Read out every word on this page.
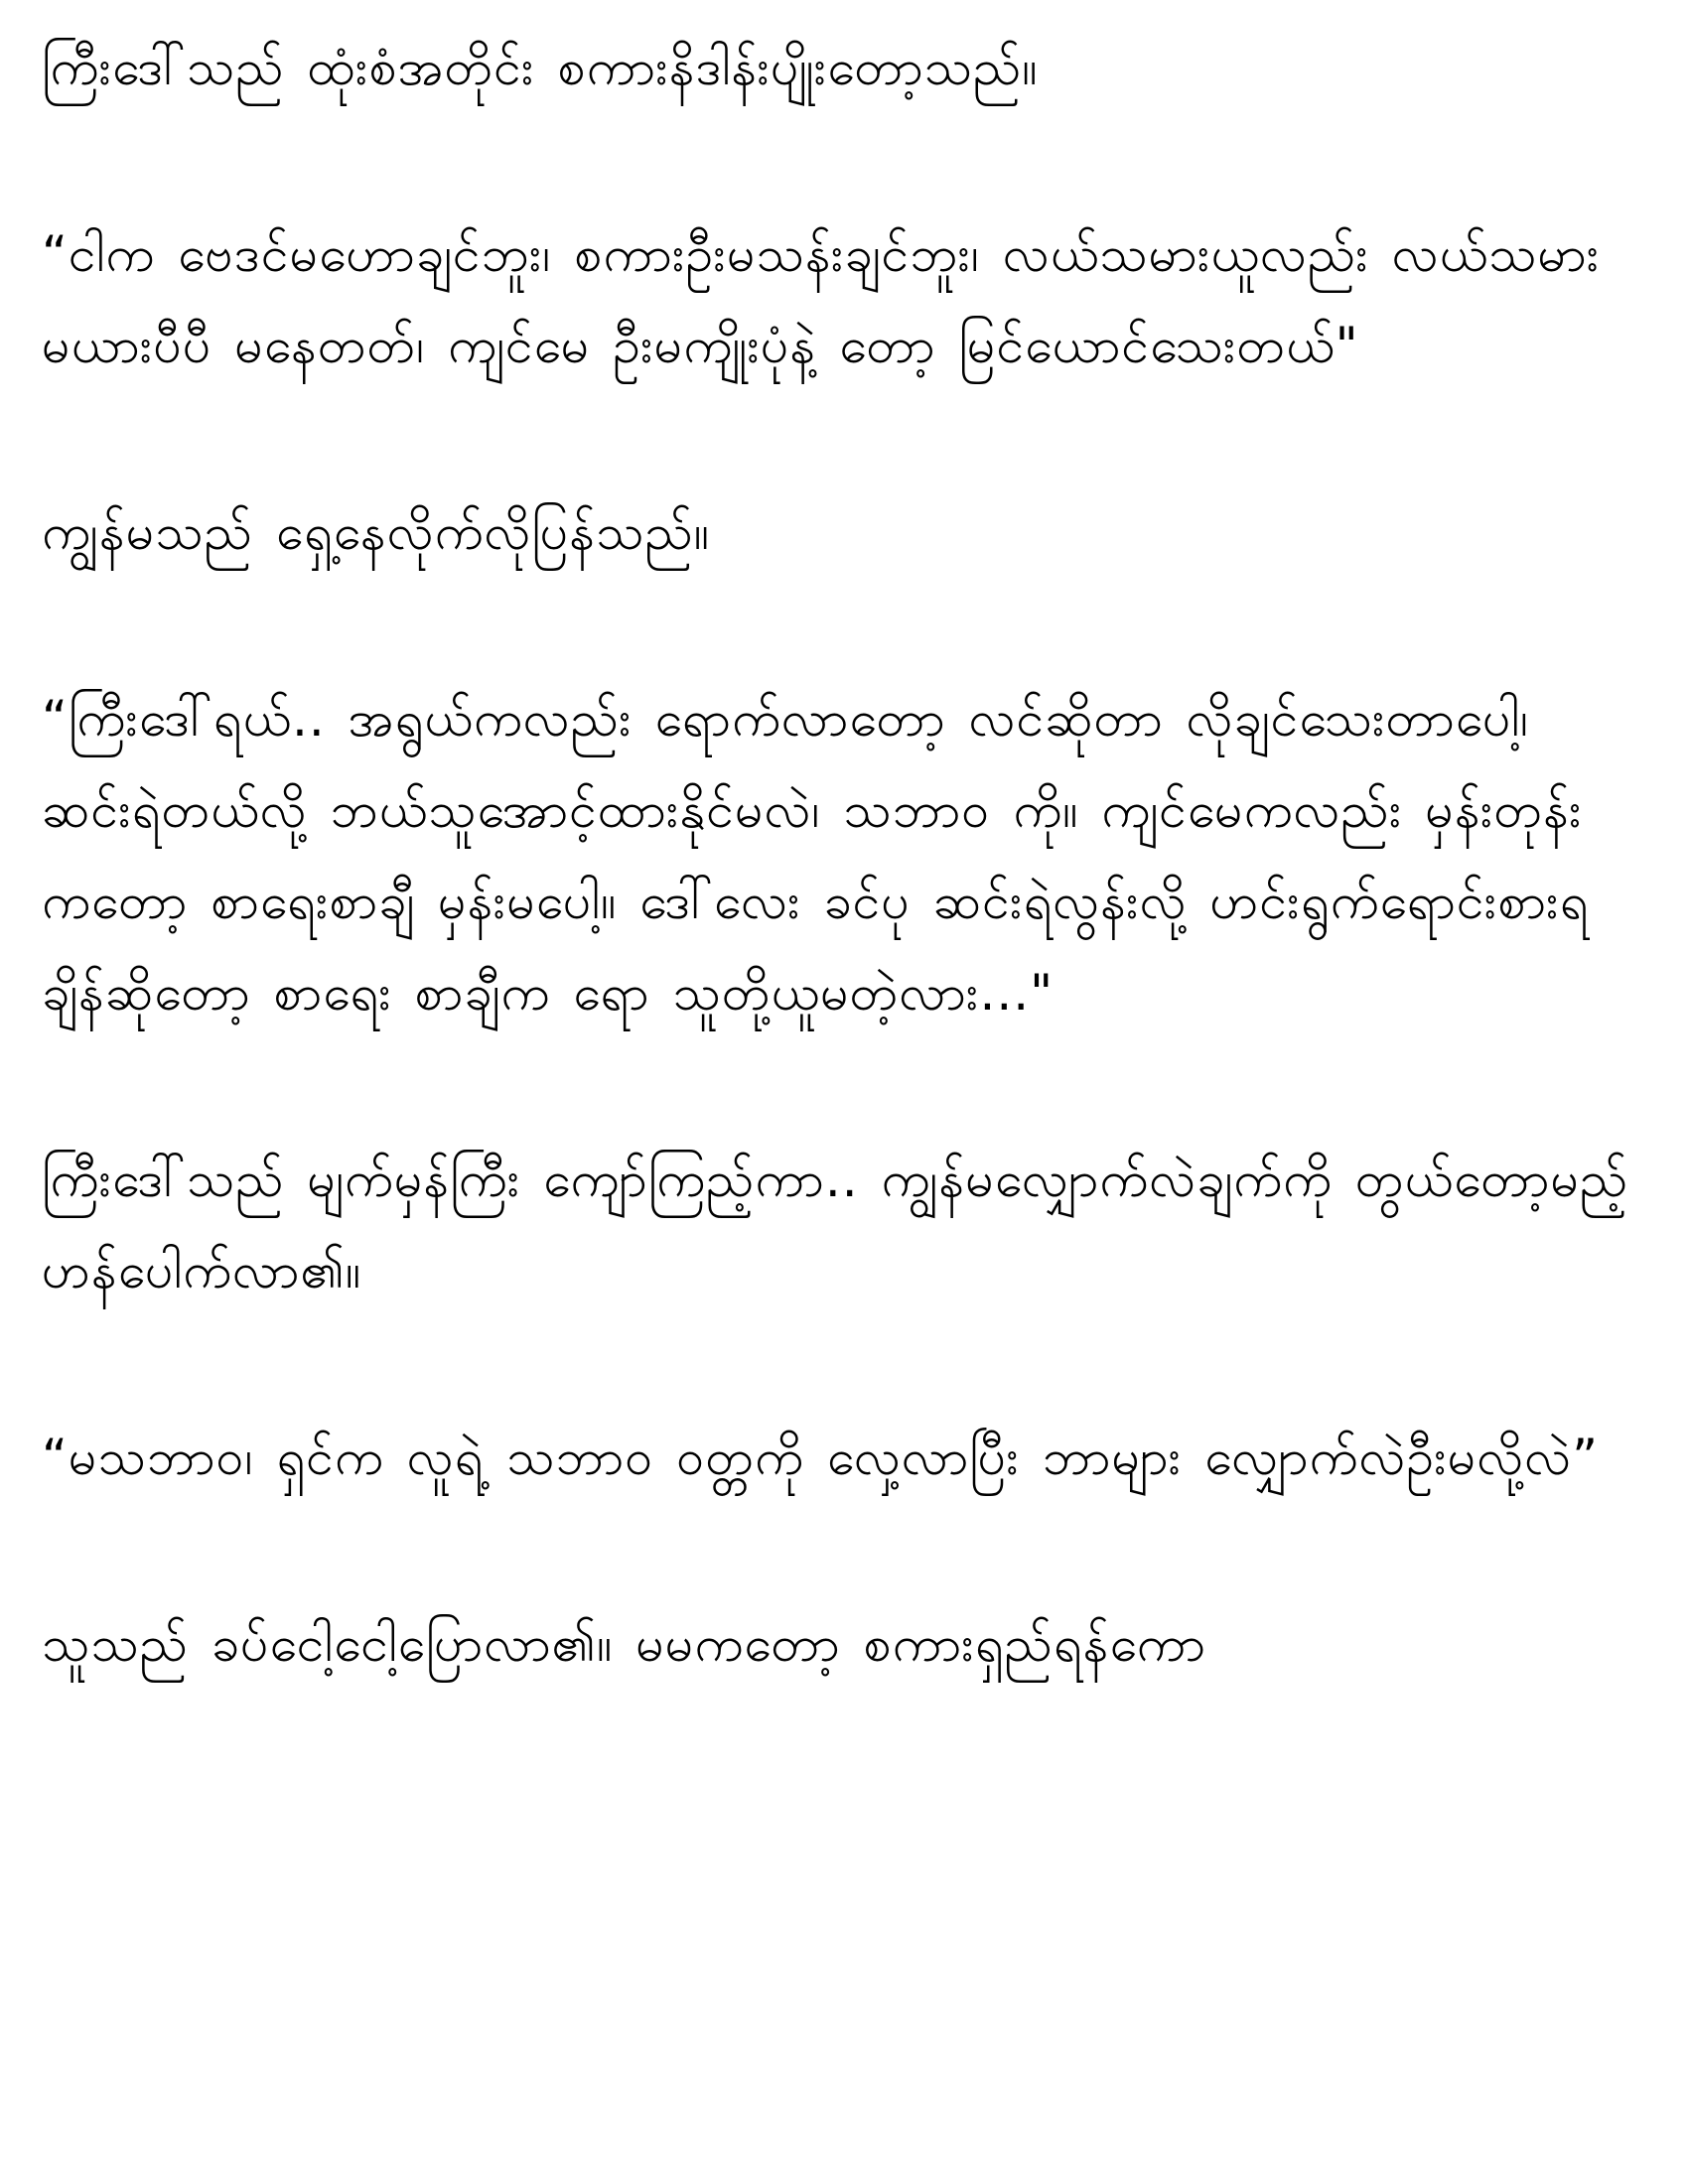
ကြီးဒေါ်သည် ထုံးစံအတိုင်း စကားနိဒါန်းပျိုးတော့သည်။

“ငါက ဗေဒင်မဟောချင်ဘူး၊ စကားဦးမသန်းချင်ဘူး၊ လယ်သမားယူလည်း လယ်သမားမယားပီပီ မနေတတ်၊ ကျင်မေ ဦးမကျိုးပုံနဲ့ တော့ မြင်ယောင်သေးတယ်"

ကျွန်မသည် ရှေ့နေလိုက်လိုပြန်သည်။

“ကြီးဒေါ်ရယ်.. အရွယ်ကလည်း ရောက်လာတော့ လင်ဆိုတာ လိုချင်သေးတာပေါ့၊ ဆင်းရဲတယ်လို့ ဘယ်သူအောင့်ထားနိုင်မလဲ၊ သဘာ၀ ကို။ ကျင်မေကလည်း မှန်းတုန်းကတော့ စာရေးစာချီ မှန်းမပေါ့။ ဒေါ်လေး ခင်ပု ဆင်းရဲလွန်းလို့ ဟင်းရွက်ရောင်းစားရချိန်ဆိုတော့ စာရေး စာချီက ရော သူတို့ယူမတဲ့လား..."

ကြီးဒေါ်သည် မျက်မှန်ကြီး ကျော်ကြည့်ကာ.. ကျွန်မလျှောက်လဲချက်ကို တွယ်တော့မည့် ဟန်ပေါက်လာ၏။

“မသဘာ၀၊ ရှင်က လူရဲ့ သဘာ၀ ဝတ္တကို လှေ့လာပြီး ဘာများ လျှောက်လဲဦးမလို့လဲ”

သူသည် ခပ်ငေါ့ငေါ့ပြောလာ၏။ မမကတော့ စကားရှည်ရန်ကော
